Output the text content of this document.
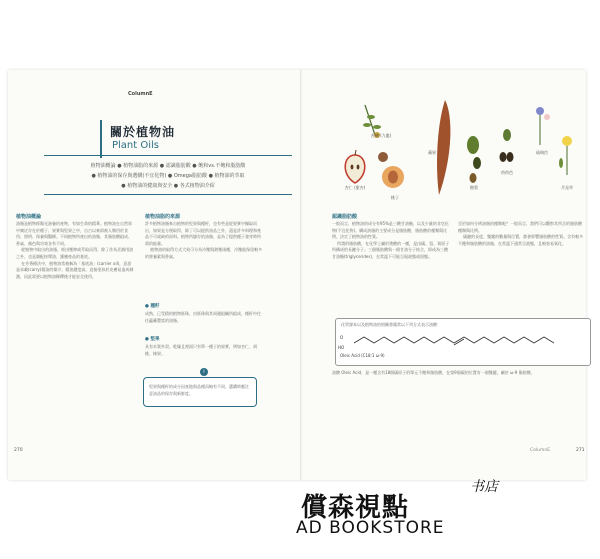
ColumnE
關於植物油
Plant Oils
植物油概論 ● 植物油脂的來源 ● 認識脂肪酸 ● 飽和vs.不飽和脂肪酸
● 植物油的保存與選購(不宜化物) ● Omega脂肪酸 ● 植物油的萃取
● 植物油的健康與安全 ● 各式植物油介紹
植物油概論
油脂是植物經陽光滋養的產物，有如生命的精華。植物油在自然界中廣泛存在於種子、果實與堅果之中，自古以來即被人類用於食用、照明、保養與醫療。不同植物所產出的油脂，其脂肪酸組成、香氣、顏色與功效各有不同。
從植物中取出的油脂，經由壓榨或萃取而得，除了作為烹調用油之外，也是調配按摩油、護膚產品的基底。
在芳香療法中，植物油常被稱為「基底油」(carrier oil)，意思是承載(carry)精油的媒介。精油濃度高，直接塗抹於皮膚易造成刺激，因此需要以植物油稀釋後才能安全使用。
植物油脂的來源
許多植物油脂來自植物的堅果與種籽，也有些是從果實中擷取而出，如果是方便取得，除了可以提供油品之外，還是許多料理和產品不可或缺的原料。植物所儲存的油脂，是為了提供種子發芽時所需的能量。
植物油的取得方式大致可分為冷壓與熱壓兩種，冷壓能保留較多的營養素與香氣。
● 種籽
成熟、已受精的植物胚珠，由胚珠與其周邊組織所組成，種籽中往往蘊藏豐富的油脂。
● 堅果
具有木質外殼、乾燥且裡面只有單一種子的果實，例如杏仁、胡桃、榛果。
i
堅果與種籽的成分因產地與品種而略有不同，選購時應注意油品的保存與新鮮度。
270
苦楝 (九龍)
杏仁 (甜杏)
蘋果
桃子
酪梨
荷荷芭
琉璃苣
月見草
認識脂肪酸
一般而言，植物油的成分有95%是三酸甘油酯，以及少量的非皂化物(不宜化物)。構成油脂的主要成分是脂肪酸，脂肪酸的種類與比例，決定了植物油的性質。
所謂的脂肪酸，在化學上屬於羧酸的一種，是由碳、氫、氧原子所構成的長鏈分子。三個脂肪酸與一個甘油分子結合，即成為三酸甘油酯(triglycerides)，在常溫下可能呈現液態或固態。
至於如何分辨油脂的種類呢？一般而言，我們可以觀察其所含的脂肪酸種類與比例。
碳鏈的長度、雙鍵的數量與位置，都會影響脂肪酸的性質。含有較多不飽和脂肪酸的油脂，在常溫下通常呈液態，且較容易氧化。
化學課本以及植物油的相關書籍常以下列方式表示油酸：
O
HO
Oleic Acid (C18:1 ω-9)
油酸 Oleic Acid，是一種含有18個碳原子的單元不飽和脂肪酸，在第9個碳的位置有一個雙鍵，屬於 ω-9 脂肪酸。
271
ColumnE
償森視點
书店
AD BOOKSTORE
